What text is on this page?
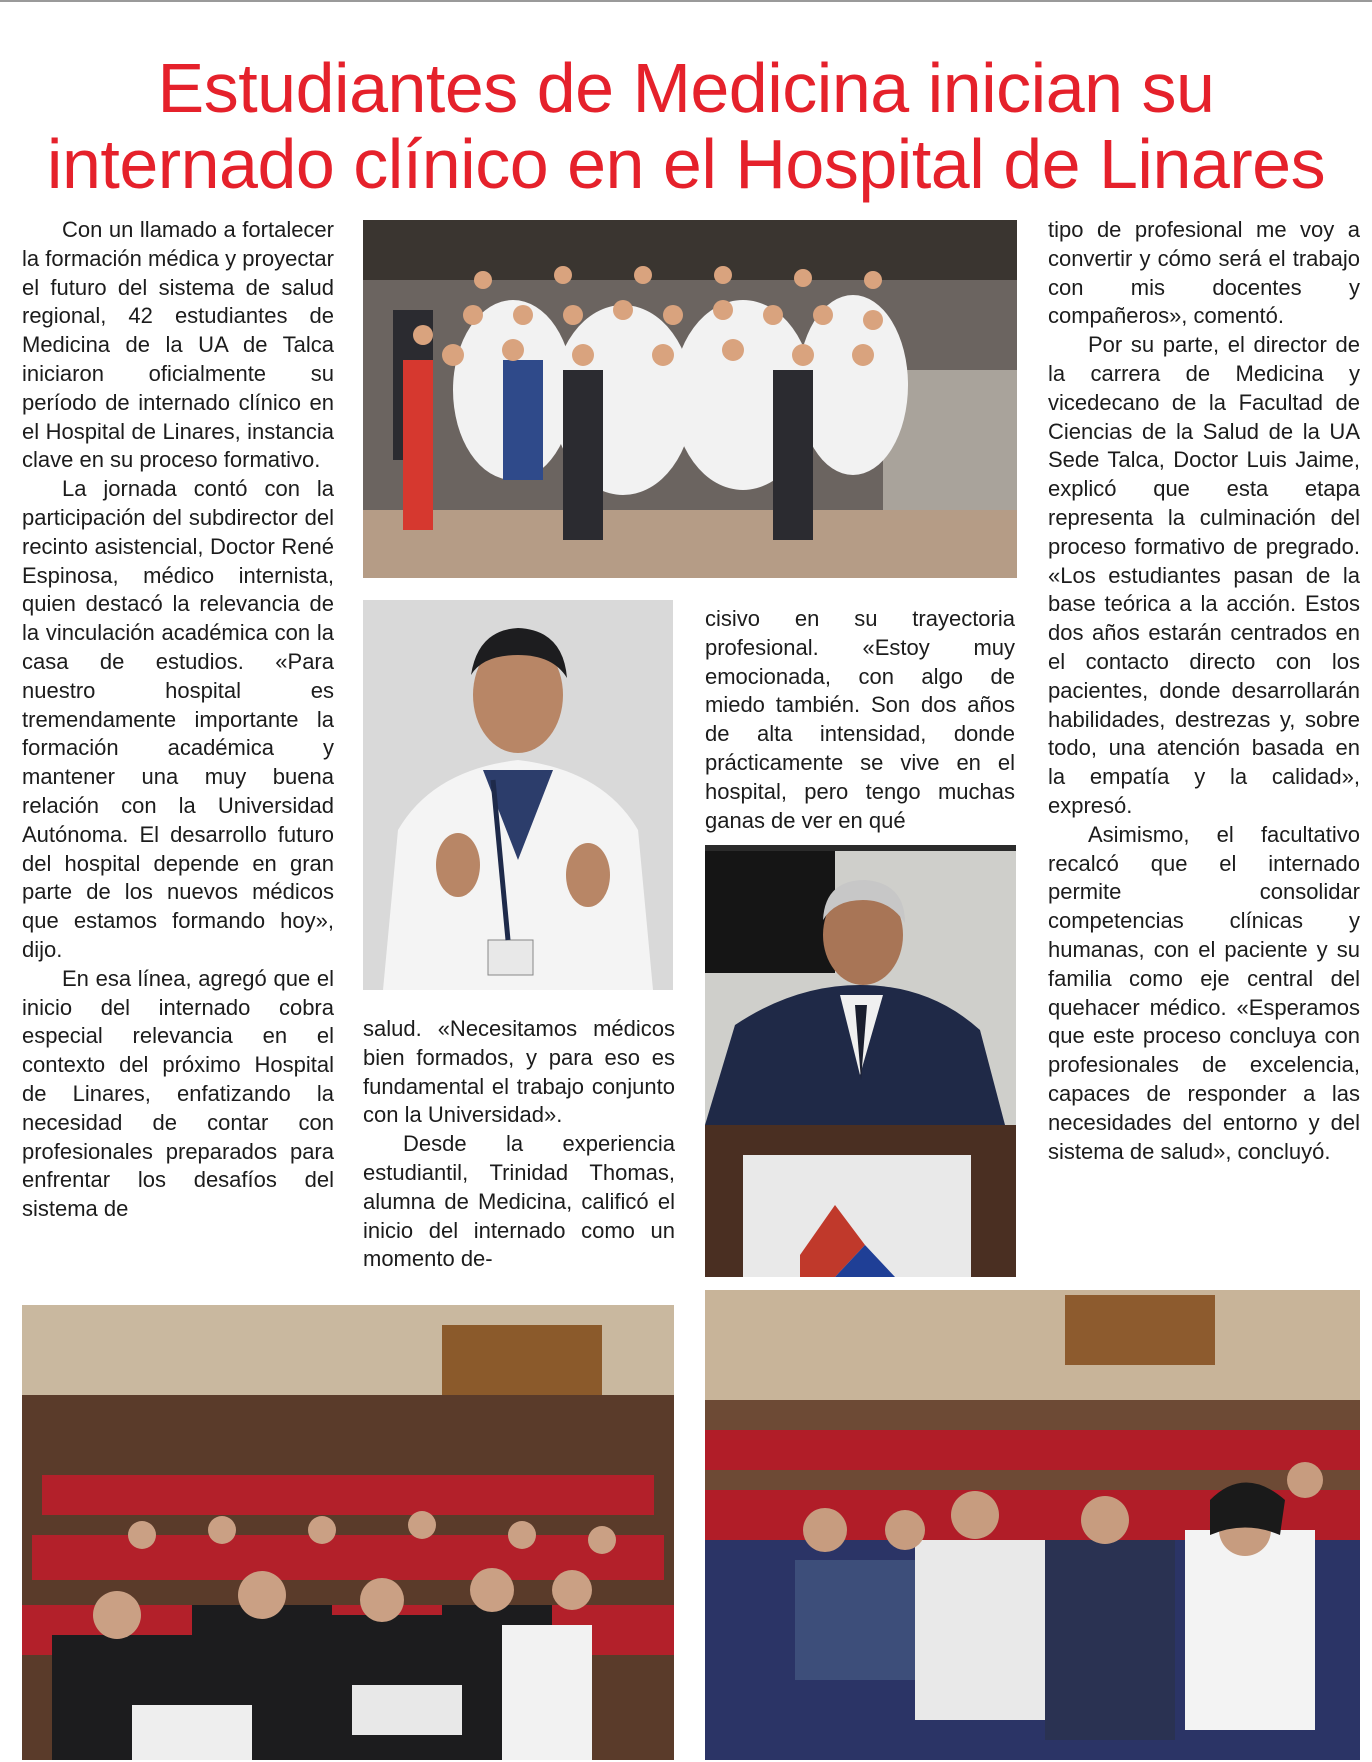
Estudiantes de Medicina inician su
internado clínico en el Hospital de Linares

Con un llamado a fortalecer la formación médica y proyectar el futuro del sistema de salud regional, 42 estudiantes de Medicina de la UA de Talca iniciaron oficialmente su período de internado clínico en el Hospital de Linares, instancia clave en su proceso formativo.

La jornada contó con la participación del subdirector del recinto asistencial, Doctor René Espinosa, médico internista, quien destacó la relevancia de la vinculación académica con la casa de estudios. «Para nuestro hospital es tremendamente importante la formación académica y mantener una muy buena relación con la Universidad Autónoma. El desarrollo futuro del hospital depende en gran parte de los nuevos médicos que estamos formando hoy», dijo.

En esa línea, agregó que el inicio del internado cobra especial relevancia en el contexto del próximo Hospital de Linares, enfatizando la necesidad de contar con profesionales preparados para enfrentar los desafíos del sistema de

salud. «Necesitamos médicos bien formados, y para eso es fundamental el trabajo conjunto con la Universidad».

Desde la experiencia estudiantil, Trinidad Thomas, alumna de Medicina, calificó el inicio del internado como un momento de-

cisivo en su trayectoria profesional. «Estoy muy emocionada, con algo de miedo también. Son dos años de alta intensidad, donde prácticamente se vive en el hospital, pero tengo muchas ganas de ver en qué

tipo de profesional me voy a convertir y cómo será el trabajo con mis docentes y compañeros», comentó.

Por su parte, el director de la carrera de Medicina y vicedecano de la Facultad de Ciencias de la Salud de la UA Sede Talca, Doctor Luis Jaime, explicó que esta etapa representa la culminación del proceso formativo de pregrado. «Los estudiantes pasan de la base teórica a la acción. Estos dos años estarán centrados en el contacto directo con los pacientes, donde desarrollarán habilidades, destrezas y, sobre todo, una atención basada en la empatía y la calidad», expresó.

Asimismo, el facultativo recalcó que el internado permite consolidar competencias clínicas y humanas, con el paciente y su familia como eje central del quehacer médico. «Esperamos que este proceso concluya con profesionales de excelencia, capaces de responder a las necesidades del entorno y del sistema de salud», concluyó.
